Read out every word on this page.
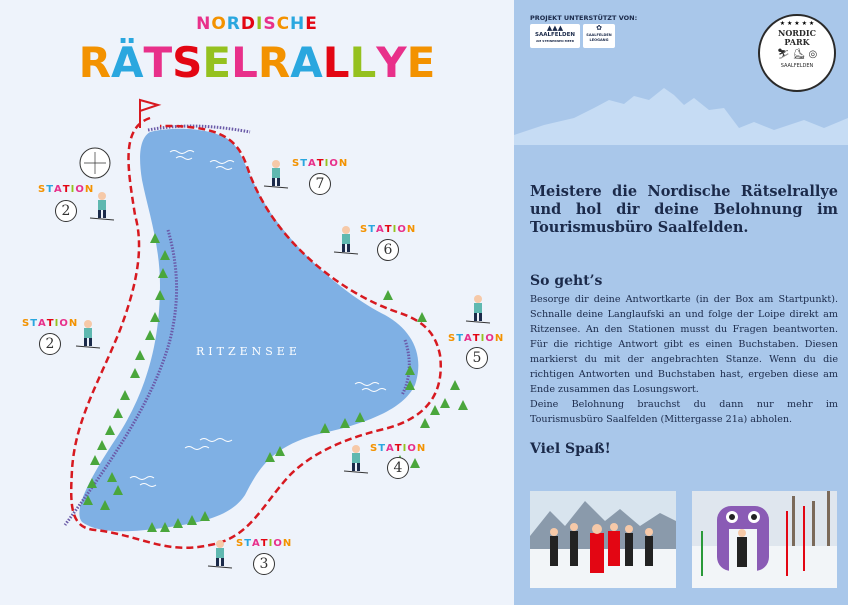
NORDISCHE
RÄTSELRALLYE
RITZENSEE
STATION
STATION
STATION
STATION
STATION
STATION
STATION
2
7
6
2
5
4
3
PROJEKT UNTERSTÜTZT VON:
▲▲▲
SAALFELDEN
AM STEINERNEN MEER
✿
SAALFELDEN
LEOGANG
★ ★ ★ ★ ★
NORDIC
PARK
⛷ ⛸ ◎
SAALFELDEN
Meistere die Nordische Rätselrallye und hol dir deine Belohnung im Tourismusbüro Saalfelden.
So geht’s
Besorge dir deine Antwortkarte (in der Box am Startpunkt). Schnalle deine Langlaufski an und folge der Loipe direkt am Ritzensee. An den Stationen musst du Fragen beantworten. Für die richtige Antwort gibt es einen Buchstaben. Diesen markierst du mit der angebrachten Stanze. Wenn du die richtigen Antworten und Buchstaben hast, ergeben diese am Ende zusammen das Losungswort.
Deine Belohnung brauchst du dann nur mehr im Tourismusbüro Saalfelden (Mittergasse 21a) abholen.
Viel Spaß!
